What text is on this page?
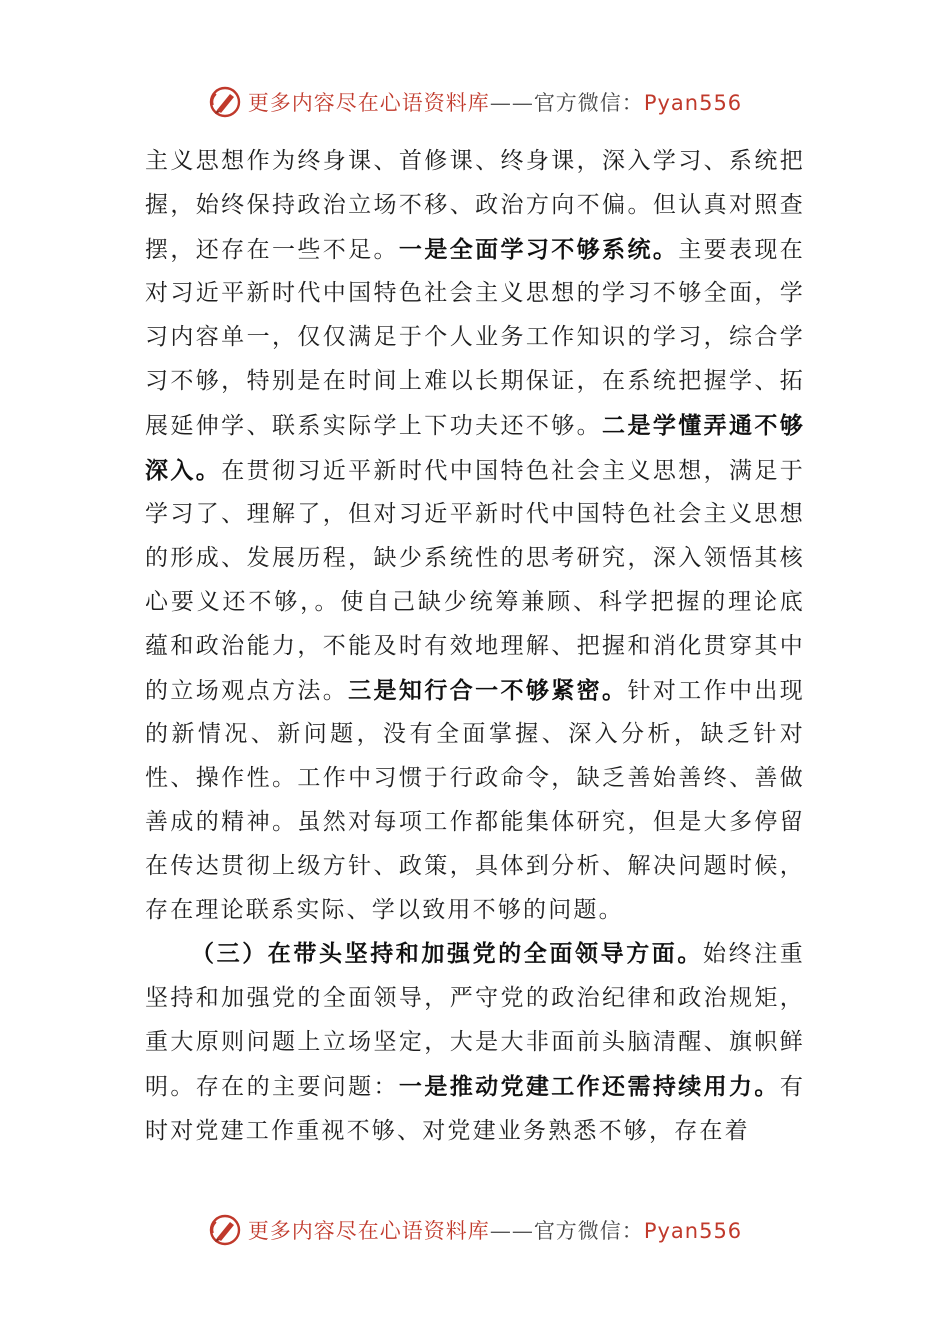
更多内容尽在心语资料库——官方微信：Pyan556

主义思想作为终身课、首修课、终身课，深入学习、系统把握，始终保持政治立场不移、政治方向不偏。但认真对照查摆，还存在一些不足。一是全面学习不够系统。主要表现在对习近平新时代中国特色社会主义思想的学习不够全面，学习内容单一，仅仅满足于个人业务工作知识的学习，综合学习不够，特别是在时间上难以长期保证，在系统把握学、拓展延伸学、联系实际学上下功夫还不够。二是学懂弄通不够深入。在贯彻习近平新时代中国特色社会主义思想，满足于学习了、理解了，但对习近平新时代中国特色社会主义思想的形成、发展历程，缺少系统性的思考研究，深入领悟其核心要义还不够，。使自己缺少统筹兼顾、科学把握的理论底蕴和政治能力，不能及时有效地理解、把握和消化贯穿其中的立场观点方法。三是知行合一不够紧密。针对工作中出现的新情况、新问题，没有全面掌握、深入分析，缺乏针对性、操作性。工作中习惯于行政命令，缺乏善始善终、善做善成的精神。虽然对每项工作都能集体研究，但是大多停留在传达贯彻上级方针、政策，具体到分析、解决问题时候，存在理论联系实际、学以致用不够的问题。

（三）在带头坚持和加强党的全面领导方面。始终注重坚持和加强党的全面领导，严守党的政治纪律和政治规矩，重大原则问题上立场坚定，大是大非面前头脑清醒、旗帜鲜明。存在的主要问题：一是推动党建工作还需持续用力。有时对党建工作重视不够、对党建业务熟悉不够，存在着

更多内容尽在心语资料库——官方微信：Pyan556
